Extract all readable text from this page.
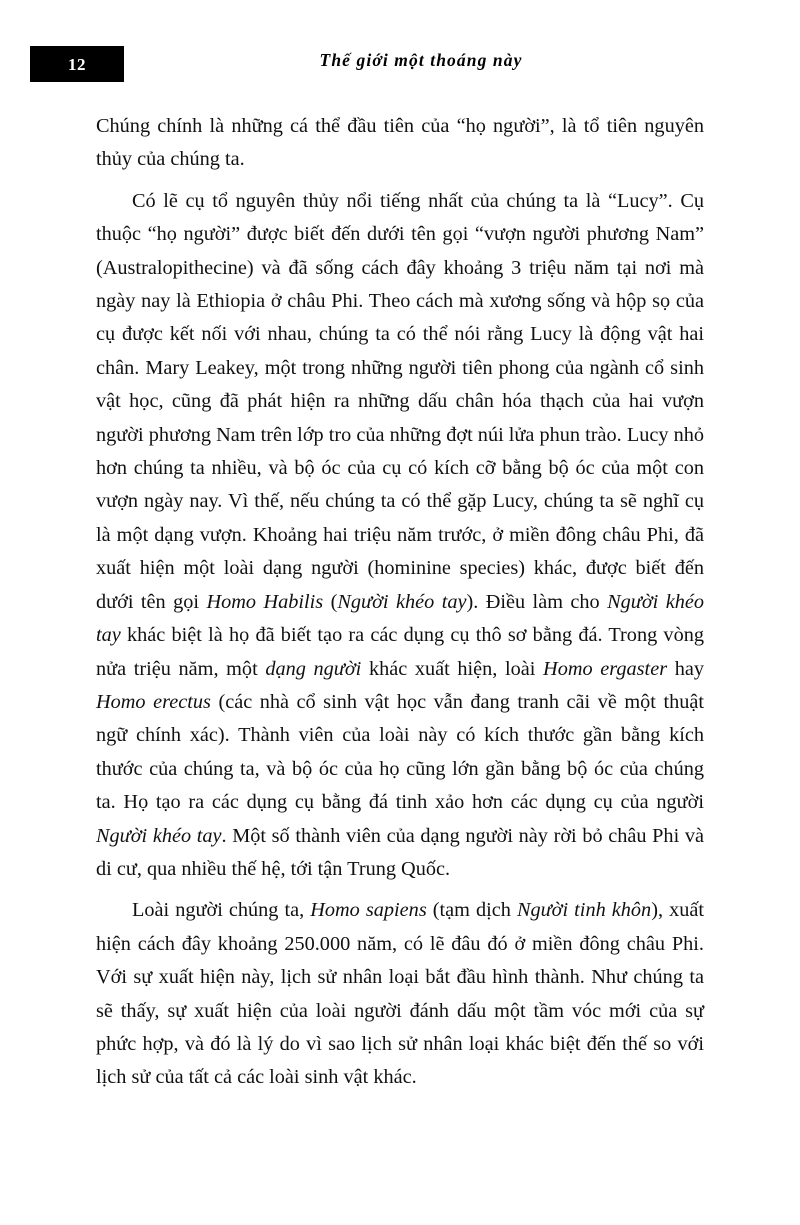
12	Thế giới một thoáng này

Chúng chính là những cá thể đầu tiên của “họ người”, là tổ tiên nguyên thủy của chúng ta.

Có lẽ cụ tổ nguyên thủy nổi tiếng nhất của chúng ta là “Lucy”. Cụ thuộc “họ người” được biết đến dưới tên gọi “vượn người phương Nam” (Australopithecine) và đã sống cách đây khoảng 3 triệu năm tại nơi mà ngày nay là Ethiopia ở châu Phi. Theo cách mà xương sống và hộp sọ của cụ được kết nối với nhau, chúng ta có thể nói rằng Lucy là động vật hai chân. Mary Leakey, một trong những người tiên phong của ngành cổ sinh vật học, cũng đã phát hiện ra những dấu chân hóa thạch của hai vượn người phương Nam trên lớp tro của những đợt núi lửa phun trào. Lucy nhỏ hơn chúng ta nhiều, và bộ óc của cụ có kích cỡ bằng bộ óc của một con vượn ngày nay. Vì thế, nếu chúng ta có thể gặp Lucy, chúng ta sẽ nghĩ cụ là một dạng vượn. Khoảng hai triệu năm trước, ở miền đông châu Phi, đã xuất hiện một loài dạng người (hominine species) khác, được biết đến dưới tên gọi Homo Habilis (Người khéo tay). Điều làm cho Người khéo tay khác biệt là họ đã biết tạo ra các dụng cụ thô sơ bằng đá. Trong vòng nửa triệu năm, một dạng người khác xuất hiện, loài Homo ergaster hay Homo erectus (các nhà cổ sinh vật học vẫn đang tranh cãi về một thuật ngữ chính xác). Thành viên của loài này có kích thước gần bằng kích thước của chúng ta, và bộ óc của họ cũng lớn gần bằng bộ óc của chúng ta. Họ tạo ra các dụng cụ bằng đá tinh xảo hơn các dụng cụ của người Người khéo tay. Một số thành viên của dạng người này rời bỏ châu Phi và di cư, qua nhiều thế hệ, tới tận Trung Quốc.

Loài người chúng ta, Homo sapiens (tạm dịch Người tinh khôn), xuất hiện cách đây khoảng 250.000 năm, có lẽ đâu đó ở miền đông châu Phi. Với sự xuất hiện này, lịch sử nhân loại bắt đầu hình thành. Như chúng ta sẽ thấy, sự xuất hiện của loài người đánh dấu một tầm vóc mới của sự phức hợp, và đó là lý do vì sao lịch sử nhân loại khác biệt đến thế so với lịch sử của tất cả các loài sinh vật khác.
